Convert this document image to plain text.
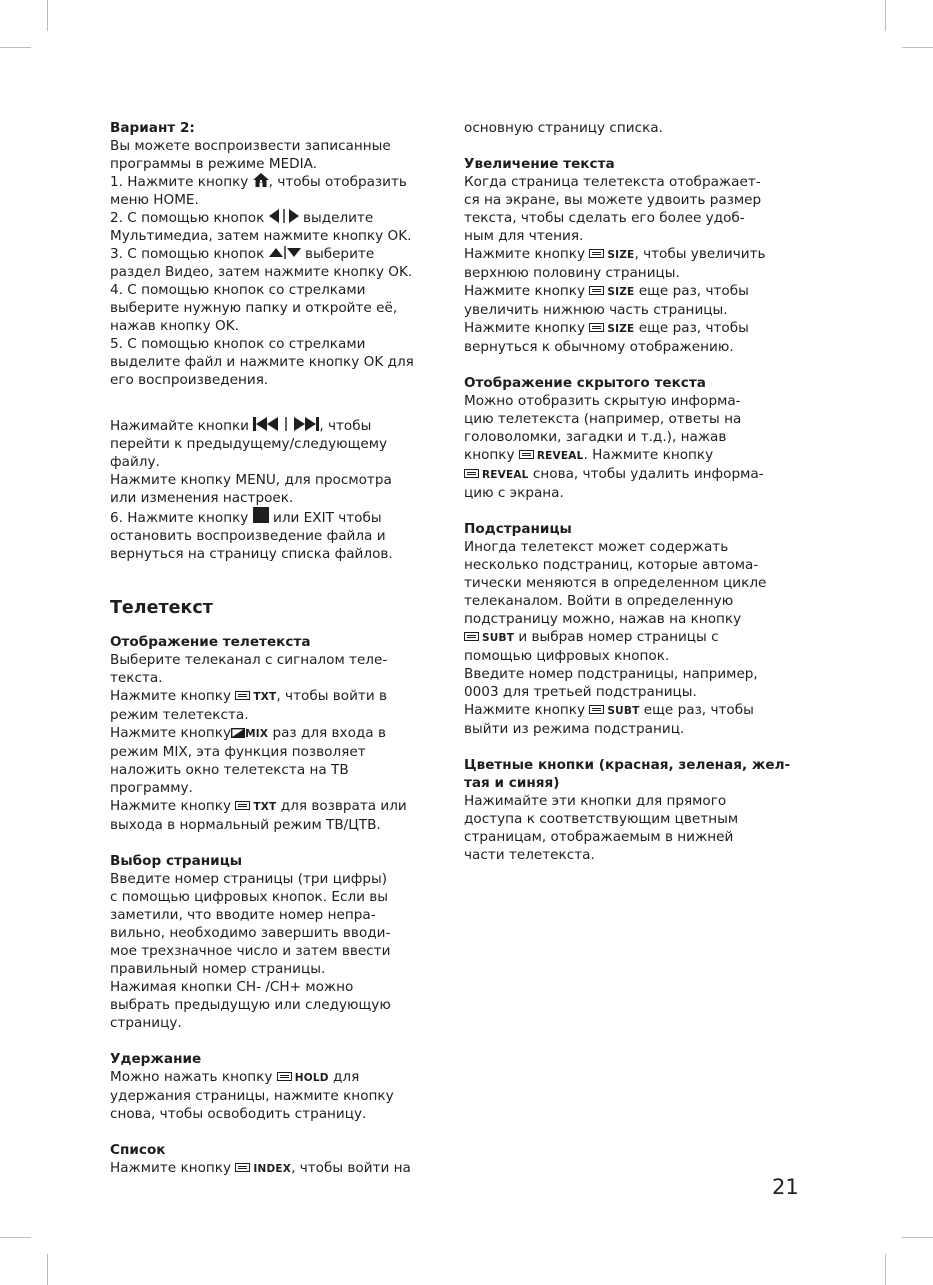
Вариант 2:

Вы можете воспроизвести записанные

программы в режиме MEDIA.

1. Нажмите кнопку , чтобы отобразить

меню HOME.

2. С помощью кнопок  выделите

Мультимедиа, затем нажмите кнопку OK.

3. С помощью кнопок  выберите

раздел Видео, затем нажмите кнопку OK.

4. С помощью кнопок со стрелками

выберите нужную папку и откройте её,

нажав кнопку OK.

5. С помощью кнопок со стрелками

выделите файл и нажмите кнопку OK для

его воспроизведения.

Нажимайте кнопки	, чтобы

перейти к предыдущему/следующему

файлу.

Нажмите кнопку MENU, для просмотра

или изменения настроек.

6. Нажмите кнопку  или EXIT чтобы

остановить воспроизведение файла и

вернуться на страницу списка файлов.

Телетекст

Отображение телетекста

Выберите телеканал с сигналом теле-

текста.

Нажмите кнопку TXT, чтобы войти в

режим телетекста.

Нажмите кнопку MIX раз для входа в

режим MIX, эта функция позволяет

наложить окно телетекста на ТВ

программу.

Нажмите кнопку TXT для возврата или

выхода в нормальный режим ТВ/ЦТВ.

Выбор страницы

Введите номер страницы (три цифры)

с помощью цифровых кнопок. Если вы

заметили, что вводите номер непра-

вильно, необходимо завершить вводи-

мое трехзначное число и затем ввести

правильный номер страницы.

Нажимая кнопки CH- /CH+ можно

выбрать предыдущую или следующую

страницу.

Удержание

Можно нажать кнопку HOLD для

удержания страницы, нажмите кнопку

снова, чтобы освободить страницу.

Список

Нажмите кнопку INDEX, чтобы войти на

основную страницу списка.

Увеличение текста

Когда страница телетекста отображает-

ся на экране, вы можете удвоить размер

текста, чтобы сделать его более удоб-

ным для чтения.

Нажмите кнопку SIZE, чтобы увеличить

верхнюю половину страницы.

Нажмите кнопку SIZE еще раз, чтобы

увеличить нижнюю часть страницы.

Нажмите кнопку SIZE еще раз, чтобы

вернуться к обычному отображению.

Отображение скрытого текста

Можно отобразить скрытую информа-

цию телетекста (например, ответы на

головоломки, загадки и т.д.), нажав

кнопку REVEAL. Нажмите кнопку

REVEAL снова, чтобы удалить информа-

цию с экрана.

Подстраницы

Иногда телетекст может содержать

несколько подстраниц, которые автома-

тически меняются в определенном цикле

телеканалом. Войти в определенную

подстраницу можно, нажав на кнопку

SUBT и выбрав номер страницы с

помощью цифровых кнопок.

Введите номер подстраницы, например,

0003 для третьей подстраницы.

Нажмите кнопку SUBT еще раз, чтобы

выйти из режима подстраниц.

Цветные кнопки (красная, зеленая, жел-

тая и синяя)

Нажимайте эти кнопки для прямого

доступа к соответствующим цветным

страницам, отображаемым в нижней

части телетекста.

21
